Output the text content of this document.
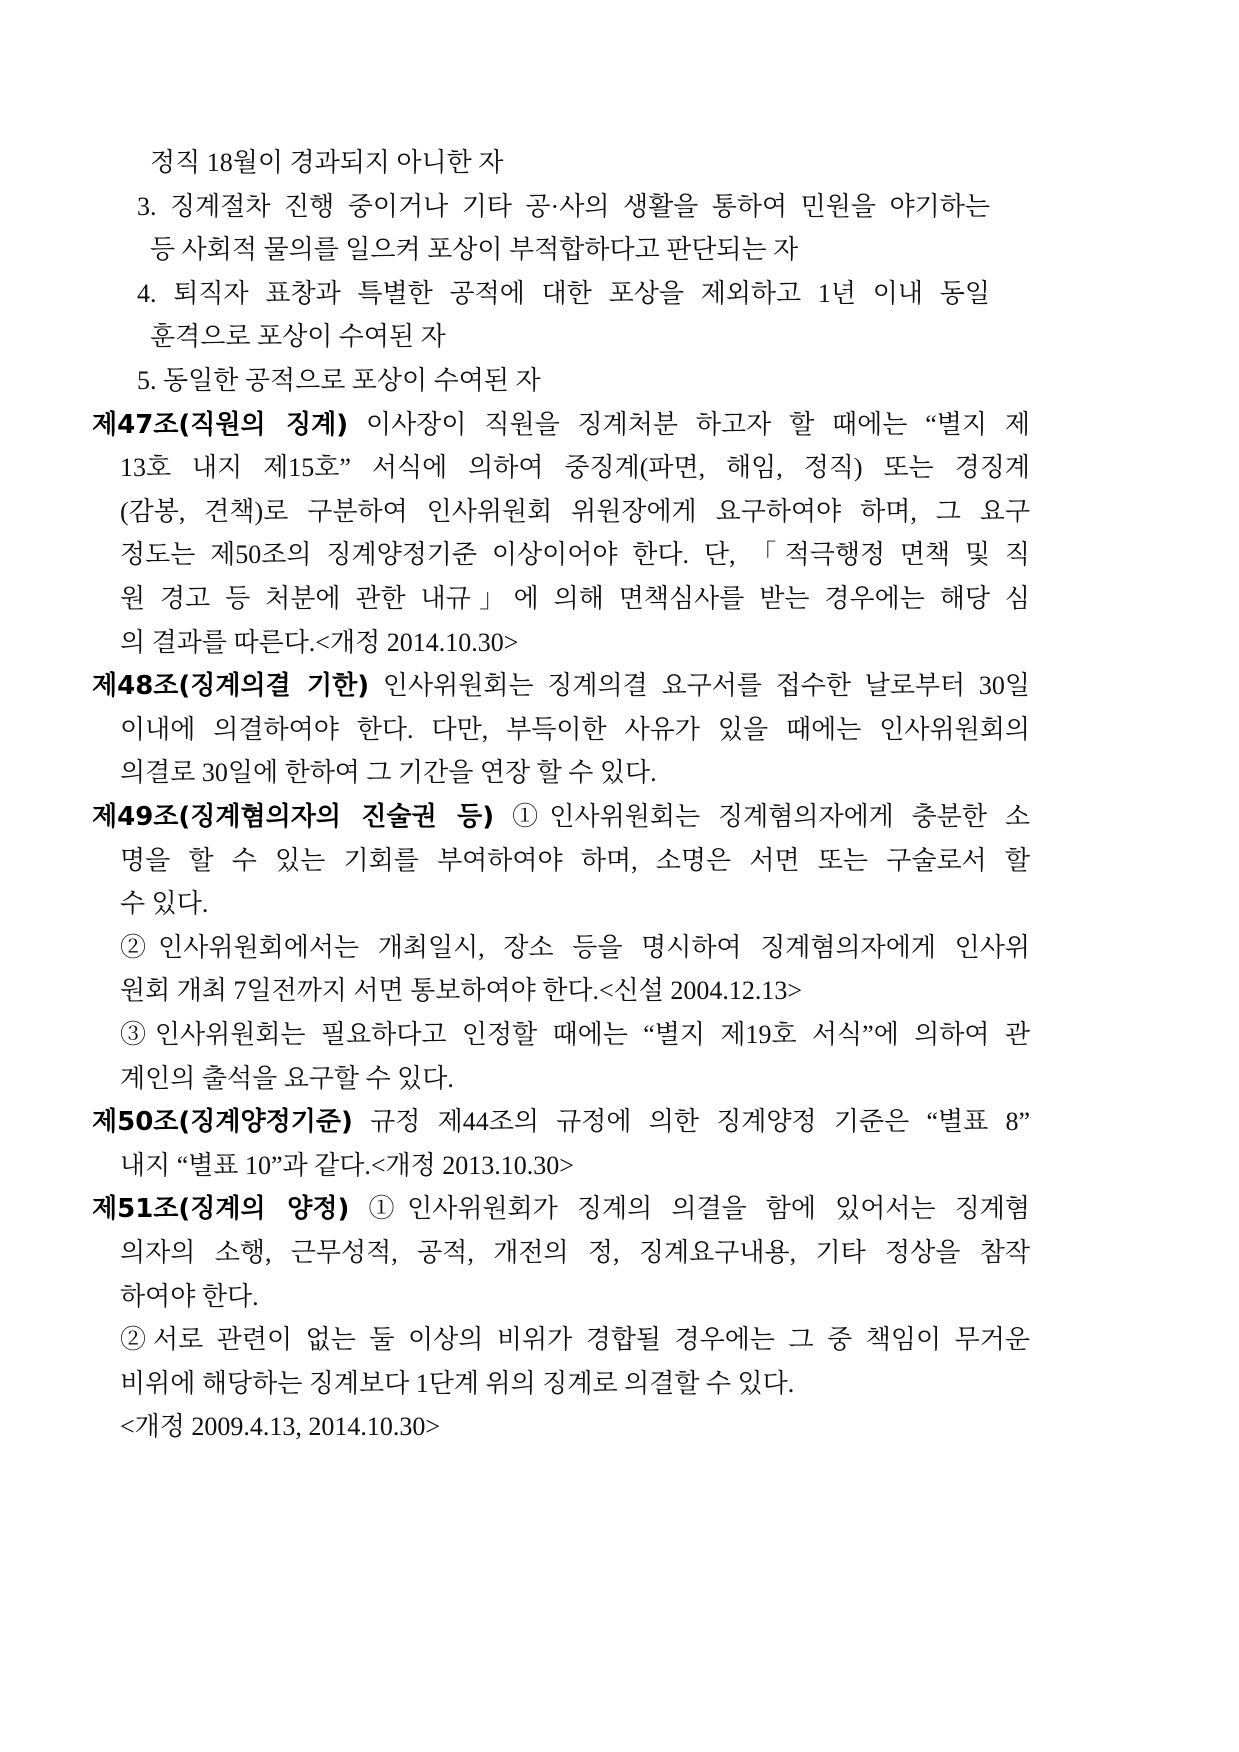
정직 18월이 경과되지 아니한 자
3. 징계절차 진행 중이거나 기타 공·사의 생활을 통하여 민원을 야기하는
등 사회적 물의를 일으켜 포상이 부적합하다고 판단되는 자
4. 퇴직자 표창과 특별한 공적에 대한 포상을 제외하고 1년 이내 동일
훈격으로 포상이 수여된 자
5. 동일한 공적으로 포상이 수여된 자
제47조(직원의 징계) 이사장이 직원을 징계처분 하고자 할 때에는 “별지 제
13호 내지 제15호” 서식에 의하여 중징계(파면, 해임, 정직) 또는 경징계
(감봉, 견책)로 구분하여 인사위원회 위원장에게 요구하여야 하며, 그 요구
정도는 제50조의 징계양정기준 이상이어야 한다. 단, 「적극행정 면책 및 직
원 경고 등 처분에 관한 내규」에 의해 면책심사를 받는 경우에는 해당 심
의 결과를 따른다.<개정 2014.10.30>
제48조(징계의결 기한) 인사위원회는 징계의결 요구서를 접수한 날로부터 30일
이내에 의결하여야 한다. 다만, 부득이한 사유가 있을 때에는 인사위원회의
의결로 30일에 한하여 그 기간을 연장 할 수 있다.
제49조(징계혐의자의 진술권 등) ①인사위원회는 징계혐의자에게 충분한 소
명을 할 수 있는 기회를 부여하여야 하며, 소명은 서면 또는 구술로서 할
수 있다.
②인사위원회에서는 개최일시, 장소 등을 명시하여 징계혐의자에게 인사위
원회 개최 7일전까지 서면 통보하여야 한다.<신설 2004.12.13>
③인사위원회는 필요하다고 인정할 때에는 “별지 제19호 서식”에 의하여 관
계인의 출석을 요구할 수 있다.
제50조(징계양정기준) 규정 제44조의 규정에 의한 징계양정 기준은 “별표 8”
내지 “별표 10”과 같다.<개정 2013.10.30>
제51조(징계의 양정) ①인사위원회가 징계의 의결을 함에 있어서는 징계혐
의자의 소행, 근무성적, 공적, 개전의 정, 징계요구내용, 기타 정상을 참작
하여야 한다.
②서로 관련이 없는 둘 이상의 비위가 경합될 경우에는 그 중 책임이 무거운
비위에 해당하는 징계보다 1단계 위의 징계로 의결할 수 있다.
<개정 2009.4.13, 2014.10.30>
